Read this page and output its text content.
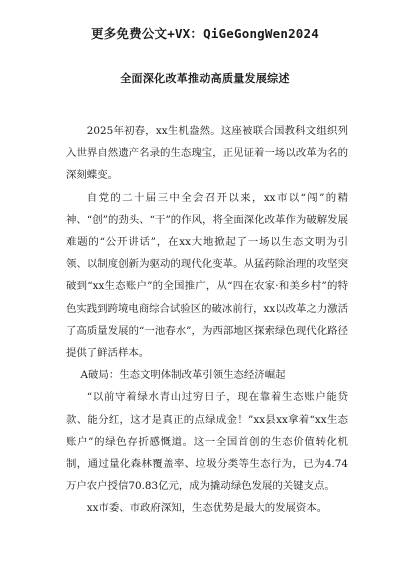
更多免费公文+VX：QiGeGongWen2024
全面深化改革推动高质量发展综述

2025年初春，xx生机盎然。这座被联合国教科文组织列入世界自然遗产名录的生态瑰宝，正见证着一场以改革为名的深刻蝶变。

自党的二十届三中全会召开以来，xx市以“闯”的精神、“创”的劲头、“干”的作风，将全面深化改革作为破解发展难题的“公开讲话”，在xx大地掀起了一场以生态文明为引领、以制度创新为驱动的现代化变革。从猛药除治理的攻坚突破到“xx生态账户”的全国推广，从“四在农家·和美乡村”的特色实践到跨境电商综合试验区的破冰前行，xx以改革之力激活了高质量发展的“一池春水”，为西部地区探索绿色现代化路径提供了鲜活样本。

A破局：生态文明体制改革引领生态经济崛起

“以前守着绿水青山过穷日子，现在靠着生态账户能贷款、能分红，这才是真正的点绿成金！”xx县xx拿着“xx生态账户”的绿色存折感慨道。这一全国首创的生态价值转化机制，通过量化森林覆盖率、垃圾分类等生态行为，已为4.74万户农户授信70.83亿元，成为撬动绿色发展的关键支点。

xx市委、市政府深知，生态优势是最大的发展资本。
